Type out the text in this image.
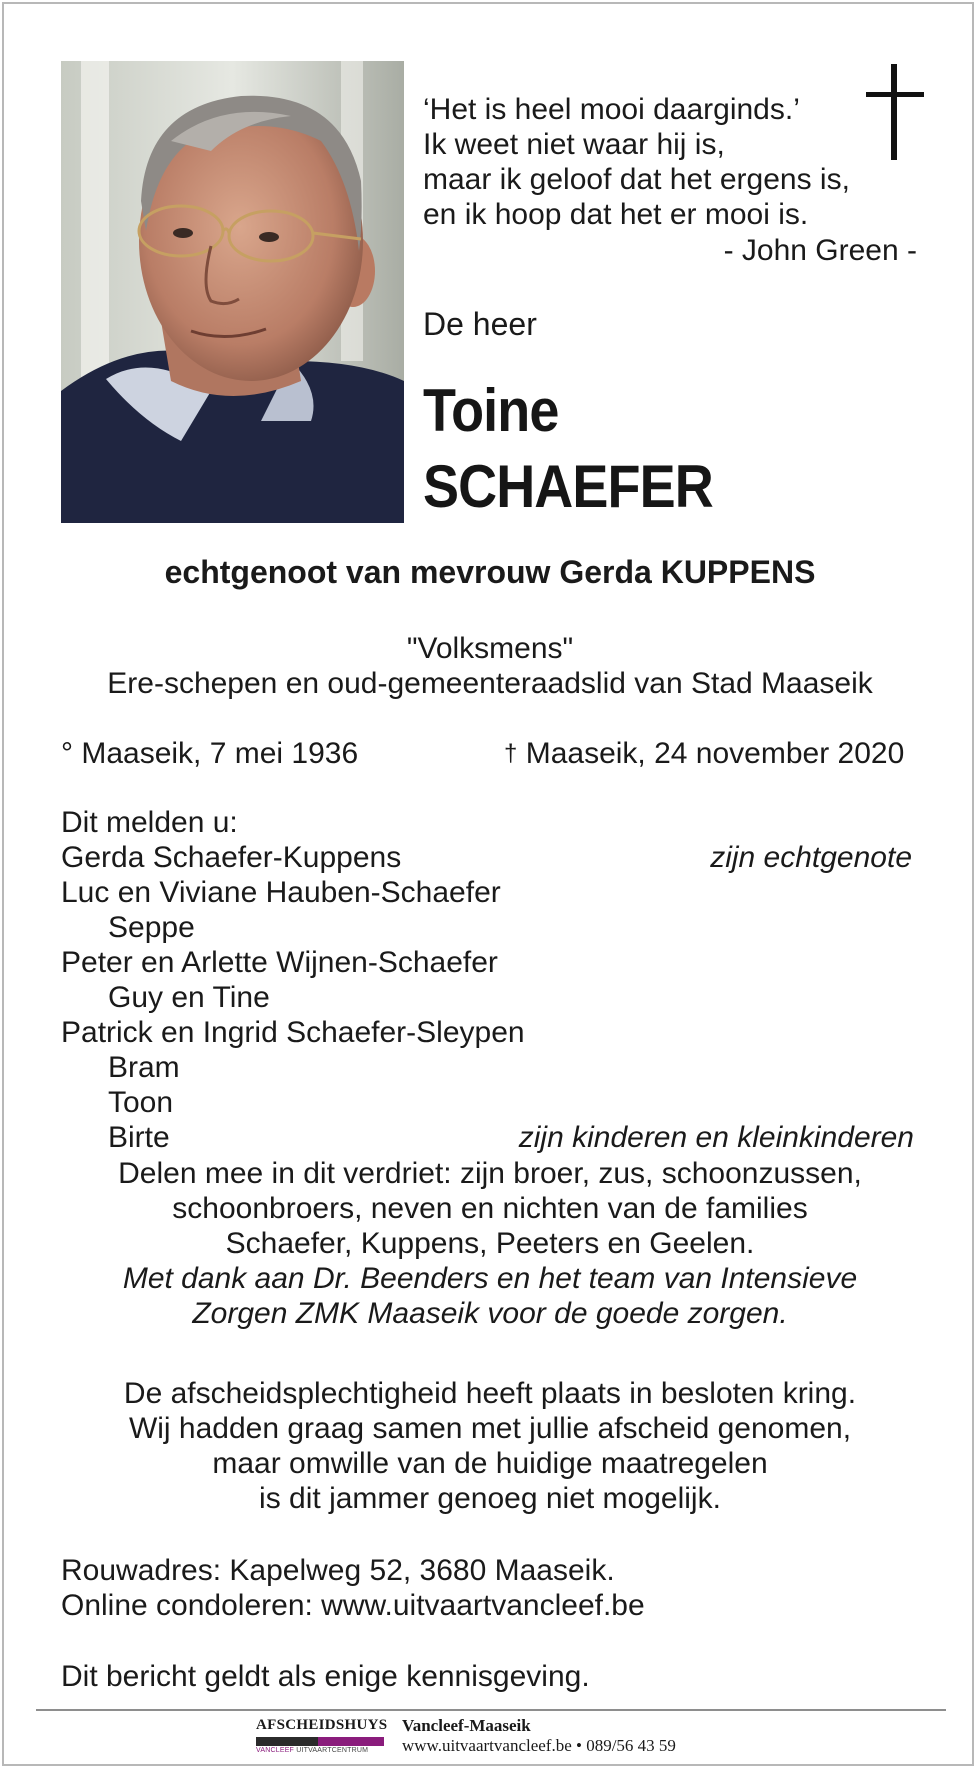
‘Het is heel mooi daarginds.’
Ik weet niet waar hij is,
maar ik geloof dat het ergens is,
en ik hoop dat het er mooi is.
- John Green -
De heer
Toine
SCHAEFER
echtgenoot van mevrouw Gerda KUPPENS
"Volksmens"
Ere-schepen en oud-gemeenteraadslid van Stad Maaseik
° Maaseik, 7 mei 1936	† Maaseik, 24 november 2020
Dit melden u:
Gerda Schaefer-Kuppens	zijn echtgenote
Luc en Viviane Hauben-Schaefer
Seppe
Peter en Arlette Wijnen-Schaefer
Guy en Tine
Patrick en Ingrid Schaefer-Sleypen
Bram
Toon
Birte	zijn kinderen en kleinkinderen
Delen mee in dit verdriet: zijn broer, zus, schoonzussen,
schoonbroers, neven en nichten van de families
Schaefer, Kuppens, Peeters en Geelen.
Met dank aan Dr. Beenders en het team van Intensieve
Zorgen ZMK Maaseik voor de goede zorgen.
De afscheidsplechtigheid heeft plaats in besloten kring.
Wij hadden graag samen met jullie afscheid genomen,
maar omwille van de huidige maatregelen
is dit jammer genoeg niet mogelijk.
Rouwadres: Kapelweg 52, 3680 Maaseik.
Online condoleren: www.uitvaartvancleef.be
Dit bericht geldt als enige kennisgeving.
AFSCHEIDSHUYS
VANCLEEF UITVAARTCENTRUM
Vancleef-Maaseik
www.uitvaartvancleef.be • 089/56 43 59
